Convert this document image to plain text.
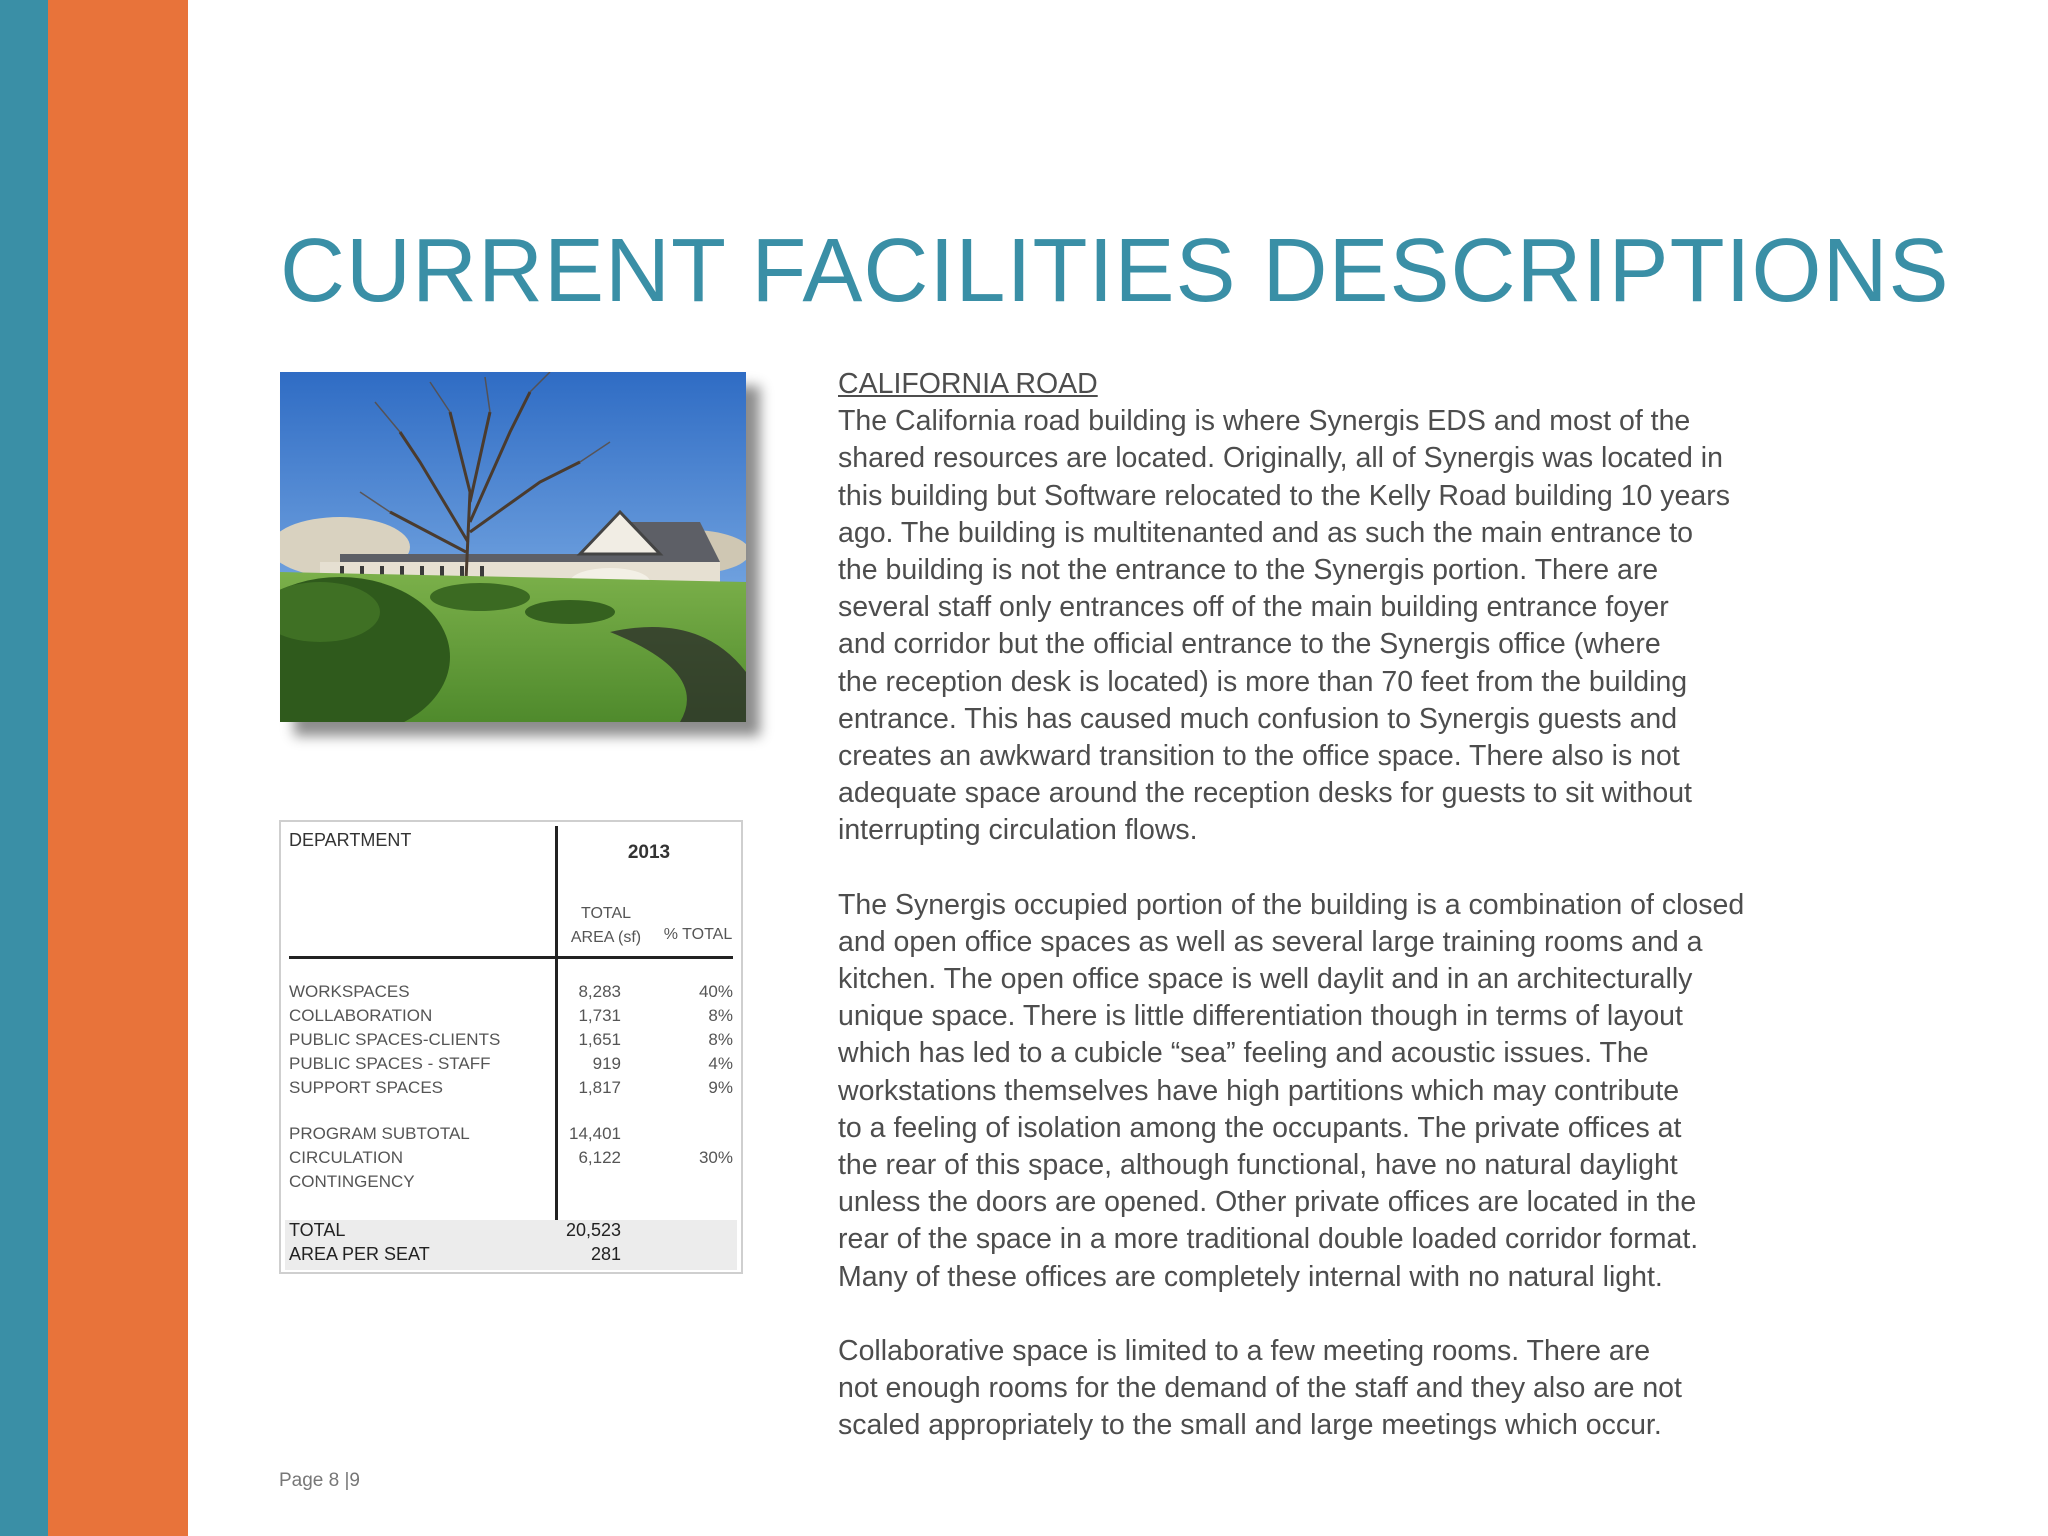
CURRENT FACILITIES DESCRIPTIONS
DEPARTMENT
2013
TOTAL
AREA (sf)	% TOTAL
WORKSPACES	8,283	40%
COLLABORATION	1,731	8%
PUBLIC SPACES-CLIENTS	1,651	8%
PUBLIC SPACES - STAFF	919	4%
SUPPORT SPACES	1,817	9%
PROGRAM SUBTOTAL	14,401
CIRCULATION	6,122	30%
CONTINGENCY
TOTAL	20,523
AREA PER SEAT	281
CALIFORNIA ROAD

The California road building is where Synergis EDS and most of the
shared resources are located. Originally, all of Synergis was located in
this building but Software relocated to the Kelly Road building 10 years
ago. The building is multitenanted and as such the main entrance to
the building is not the entrance to the Synergis portion. There are
several staff only entrances off of the main building entrance foyer
and corridor but the official entrance to the Synergis office (where
the reception desk is located) is more than 70 feet from the building
entrance. This has caused much confusion to Synergis guests and
creates an awkward transition to the office space. There also is not
adequate space around the reception desks for guests to sit without
interrupting circulation flows.

The Synergis occupied portion of the building is a combination of closed
and open office spaces as well as several large training rooms and a
kitchen. The open office space is well daylit and in an architecturally
unique space. There is little differentiation though in terms of layout
which has led to a cubicle “sea” feeling and acoustic issues. The
workstations themselves have high partitions which may contribute
to a feeling of isolation among the occupants. The private offices at
the rear of this space, although functional, have no natural daylight
unless the doors are opened. Other private offices are located in the
rear of the space in a more traditional double loaded corridor format.
Many of these offices are completely internal with no natural light.

Collaborative space is limited to a few meeting rooms. There are
not enough rooms for the demand of the staff and they also are not
scaled appropriately to the small and large meetings which occur.

Page 8 |9
